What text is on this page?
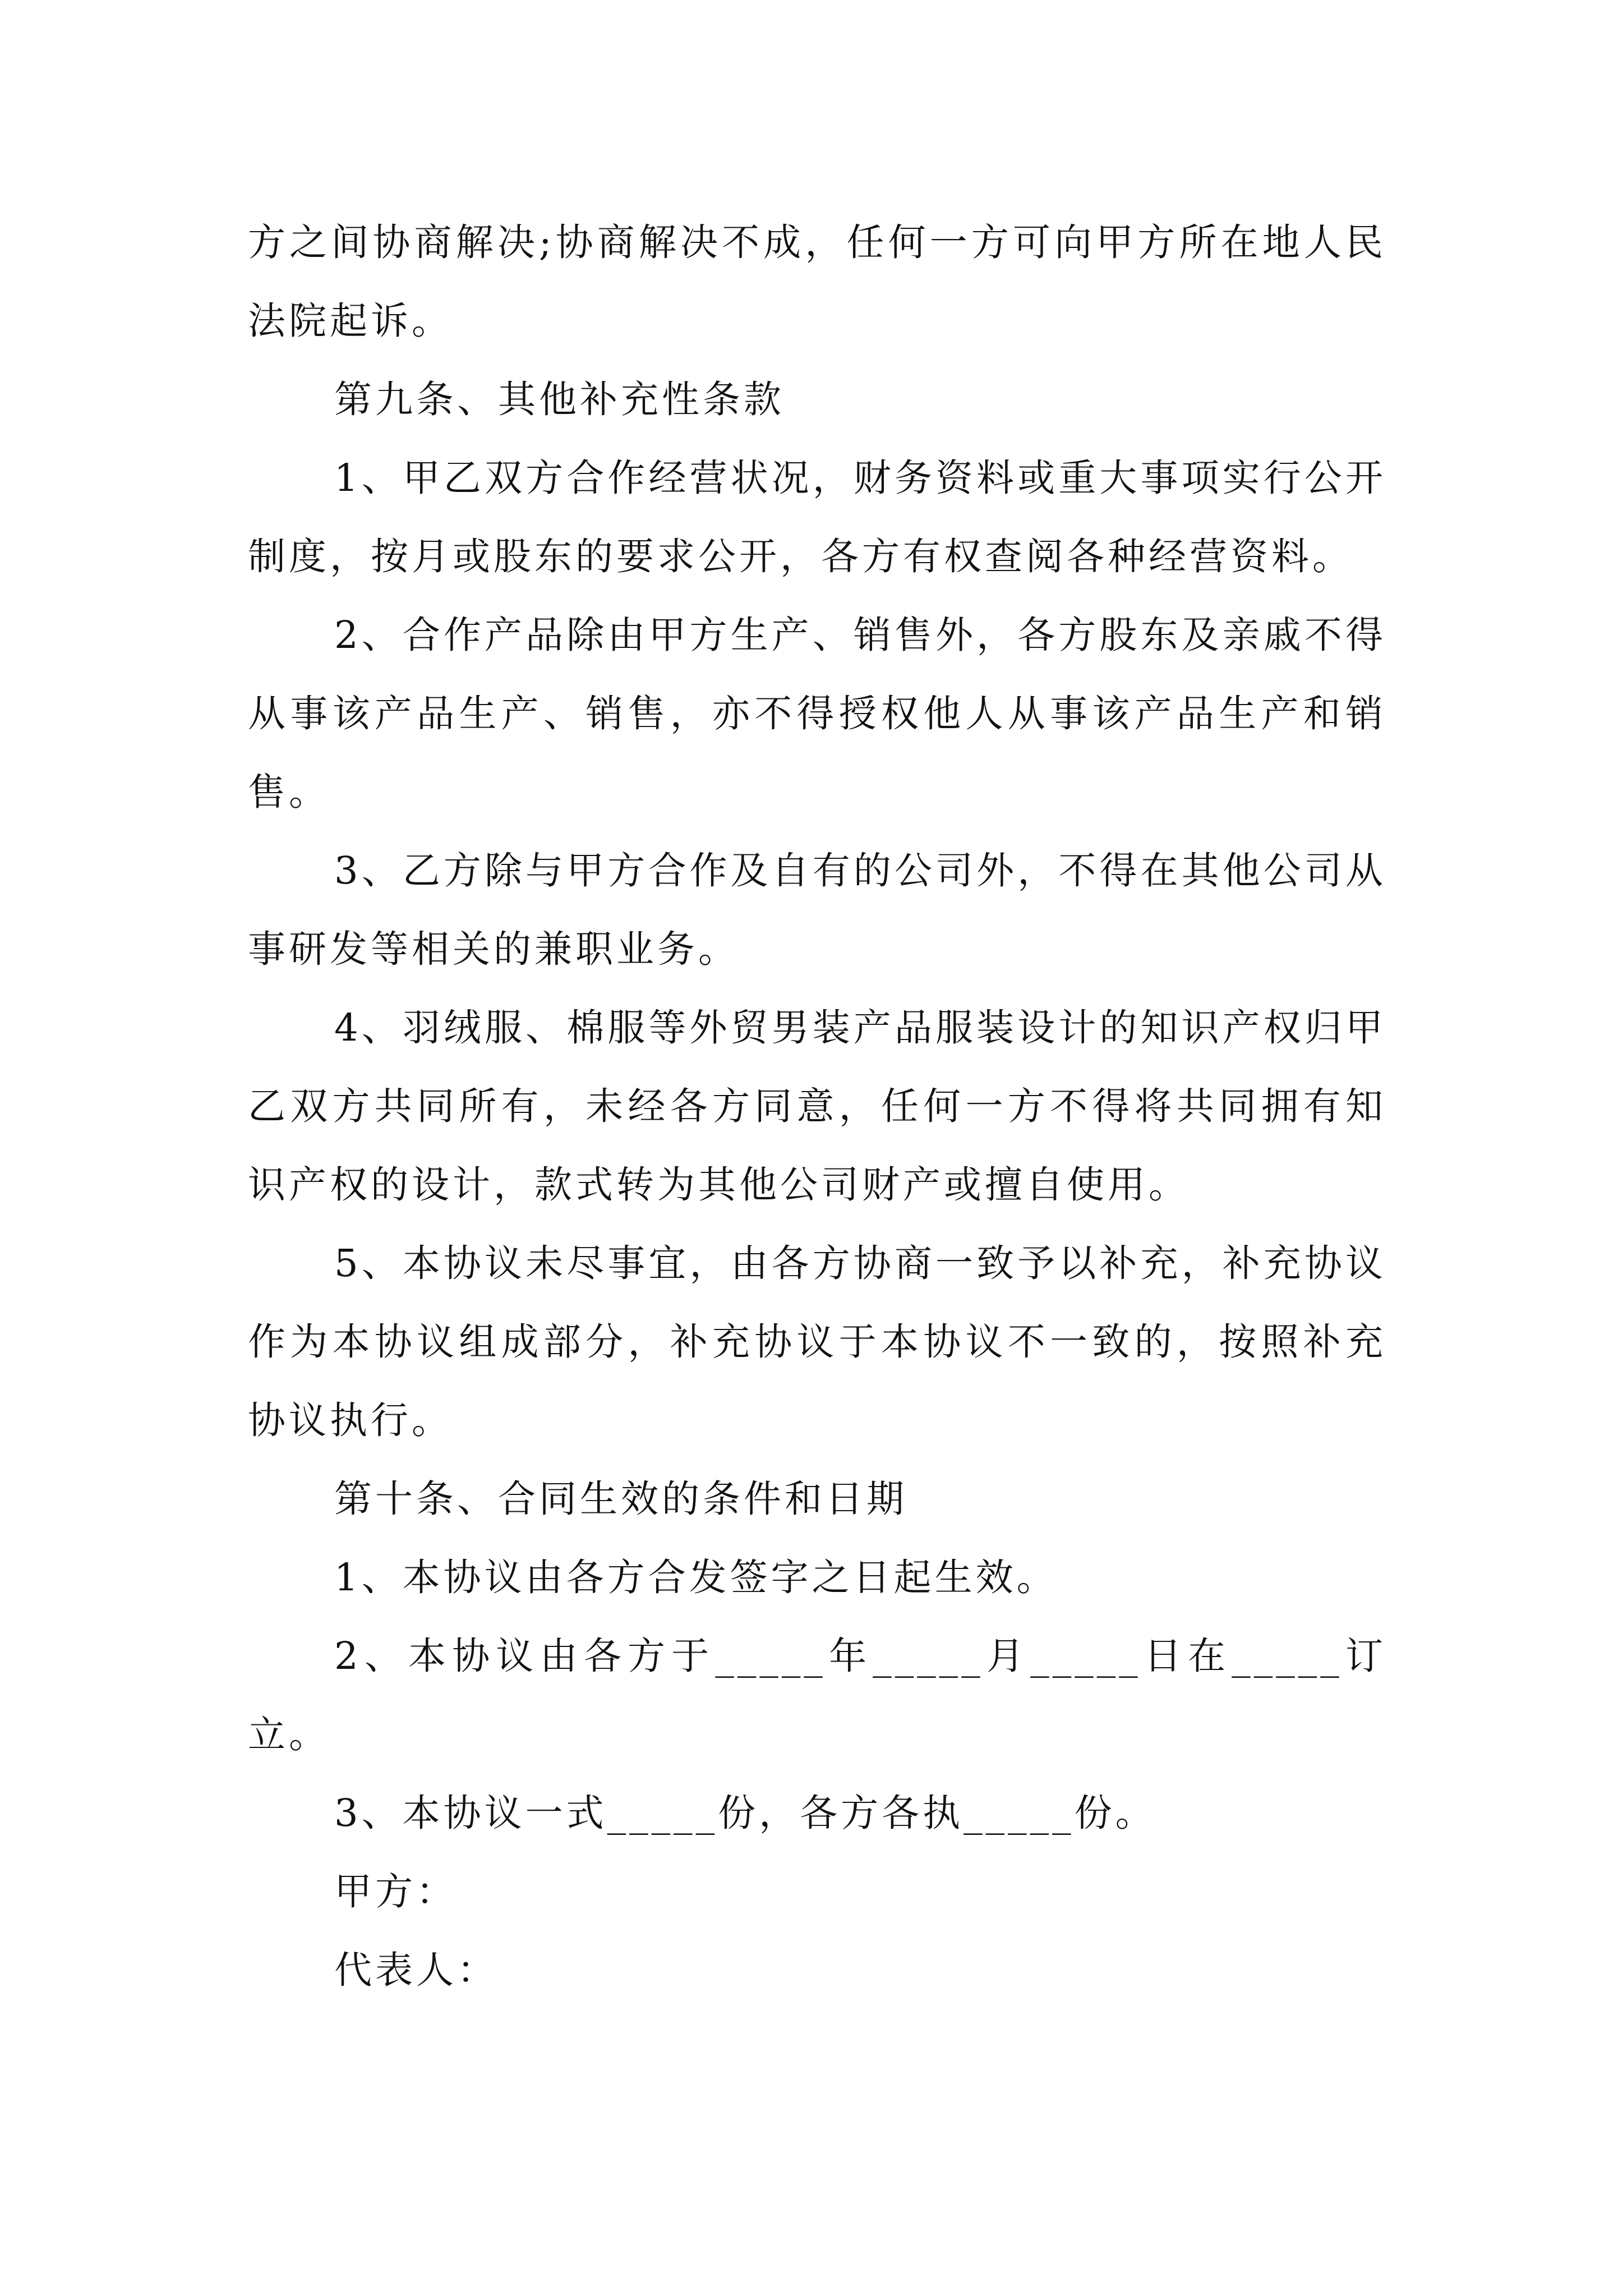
方之间协商解决;协商解决不成，任何一方可向甲方所在地人民法院起诉。

第九条、其他补充性条款

1、甲乙双方合作经营状况，财务资料或重大事项实行公开制度，按月或股东的要求公开，各方有权查阅各种经营资料。

2、合作产品除由甲方生产、销售外，各方股东及亲戚不得从事该产品生产、销售，亦不得授权他人从事该产品生产和销售。

3、乙方除与甲方合作及自有的公司外，不得在其他公司从事研发等相关的兼职业务。

4、羽绒服、棉服等外贸男装产品服装设计的知识产权归甲乙双方共同所有，未经各方同意，任何一方不得将共同拥有知识产权的设计，款式转为其他公司财产或擅自使用。

5、本协议未尽事宜，由各方协商一致予以补充，补充协议作为本协议组成部分，补充协议于本协议不一致的，按照补充协议执行。

第十条、合同生效的条件和日期

1、本协议由各方合发签字之日起生效。

2、本协议由各方于_____年_____月_____日在_____订立。

3、本协议一式_____份，各方各执_____份。

甲方：

代表人：
